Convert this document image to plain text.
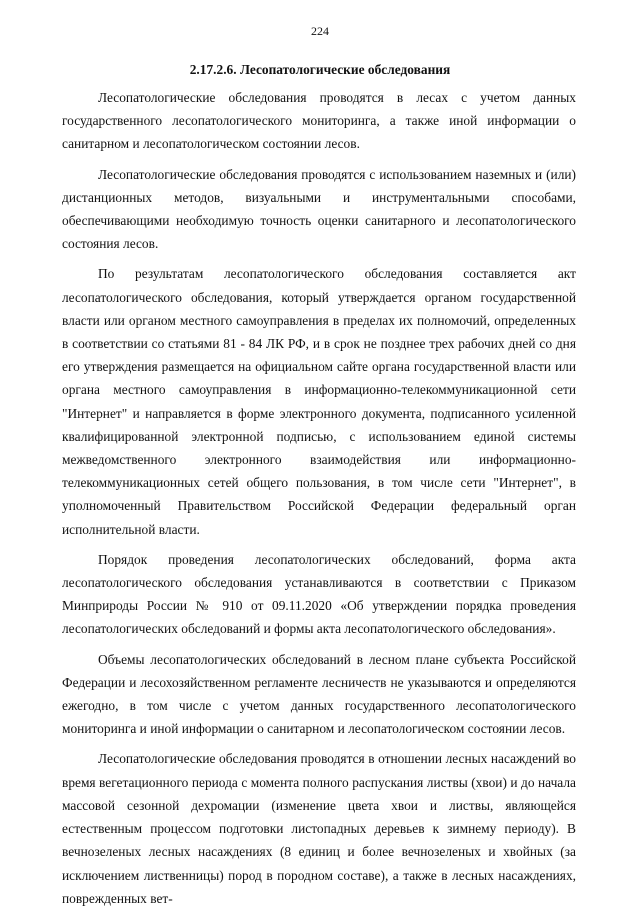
224
2.17.2.6. Лесопатологические обследования

Лесопатологические обследования проводятся в лесах с учетом данных государственного лесопатологического мониторинга, а также иной информации о санитарном и лесопатологическом состоянии лесов.

Лесопатологические обследования проводятся с использованием наземных и (или) дистанционных методов, визуальными и инструментальными способами, обеспечивающими необходимую точность оценки санитарного и лесопатологического состояния лесов.

По результатам лесопатологического обследования составляется акт лесопатологического обследования, который утверждается органом государственной власти или органом местного самоуправления в пределах их полномочий, определенных в соответствии со статьями 81 - 84 ЛК РФ, и в срок не позднее трех рабочих дней со дня его утверждения размещается на официальном сайте органа государственной власти или органа местного самоуправления в информационно-телекоммуникационной сети "Интернет" и направляется в форме электронного документа, подписанного усиленной квалифицированной электронной подписью, с использованием единой системы межведомственного электронного взаимодействия или информационно-телекоммуникационных сетей общего пользования, в том числе сети "Интернет", в уполномоченный Правительством Российской Федерации федеральный орган исполнительной власти.

Порядок проведения лесопатологических обследований, форма акта лесопатологического обследования устанавливаются в соответствии с Приказом Минприроды России № 910 от 09.11.2020 «Об утверждении порядка проведения лесопатологических обследований и формы акта лесопатологического обследования».

Объемы лесопатологических обследований в лесном плане субъекта Российской Федерации и лесохозяйственном регламенте лесничеств не указываются и определяются ежегодно, в том числе с учетом данных государственного лесопатологического мониторинга и иной информации о санитарном и лесопатологическом состоянии лесов.

Лесопатологические обследования проводятся в отношении лесных насаждений во время вегетационного периода с момента полного распускания листвы (хвои) и до начала массовой сезонной дехромации (изменение цвета хвои и листвы, являющейся естественным процессом подготовки листопадных деревьев к зимнему периоду). В вечнозеленых лесных насаждениях (8 единиц и более вечнозеленых и хвойных (за исключением лиственницы) пород в породном составе), а также в лесных насаждениях, поврежденных вет-
